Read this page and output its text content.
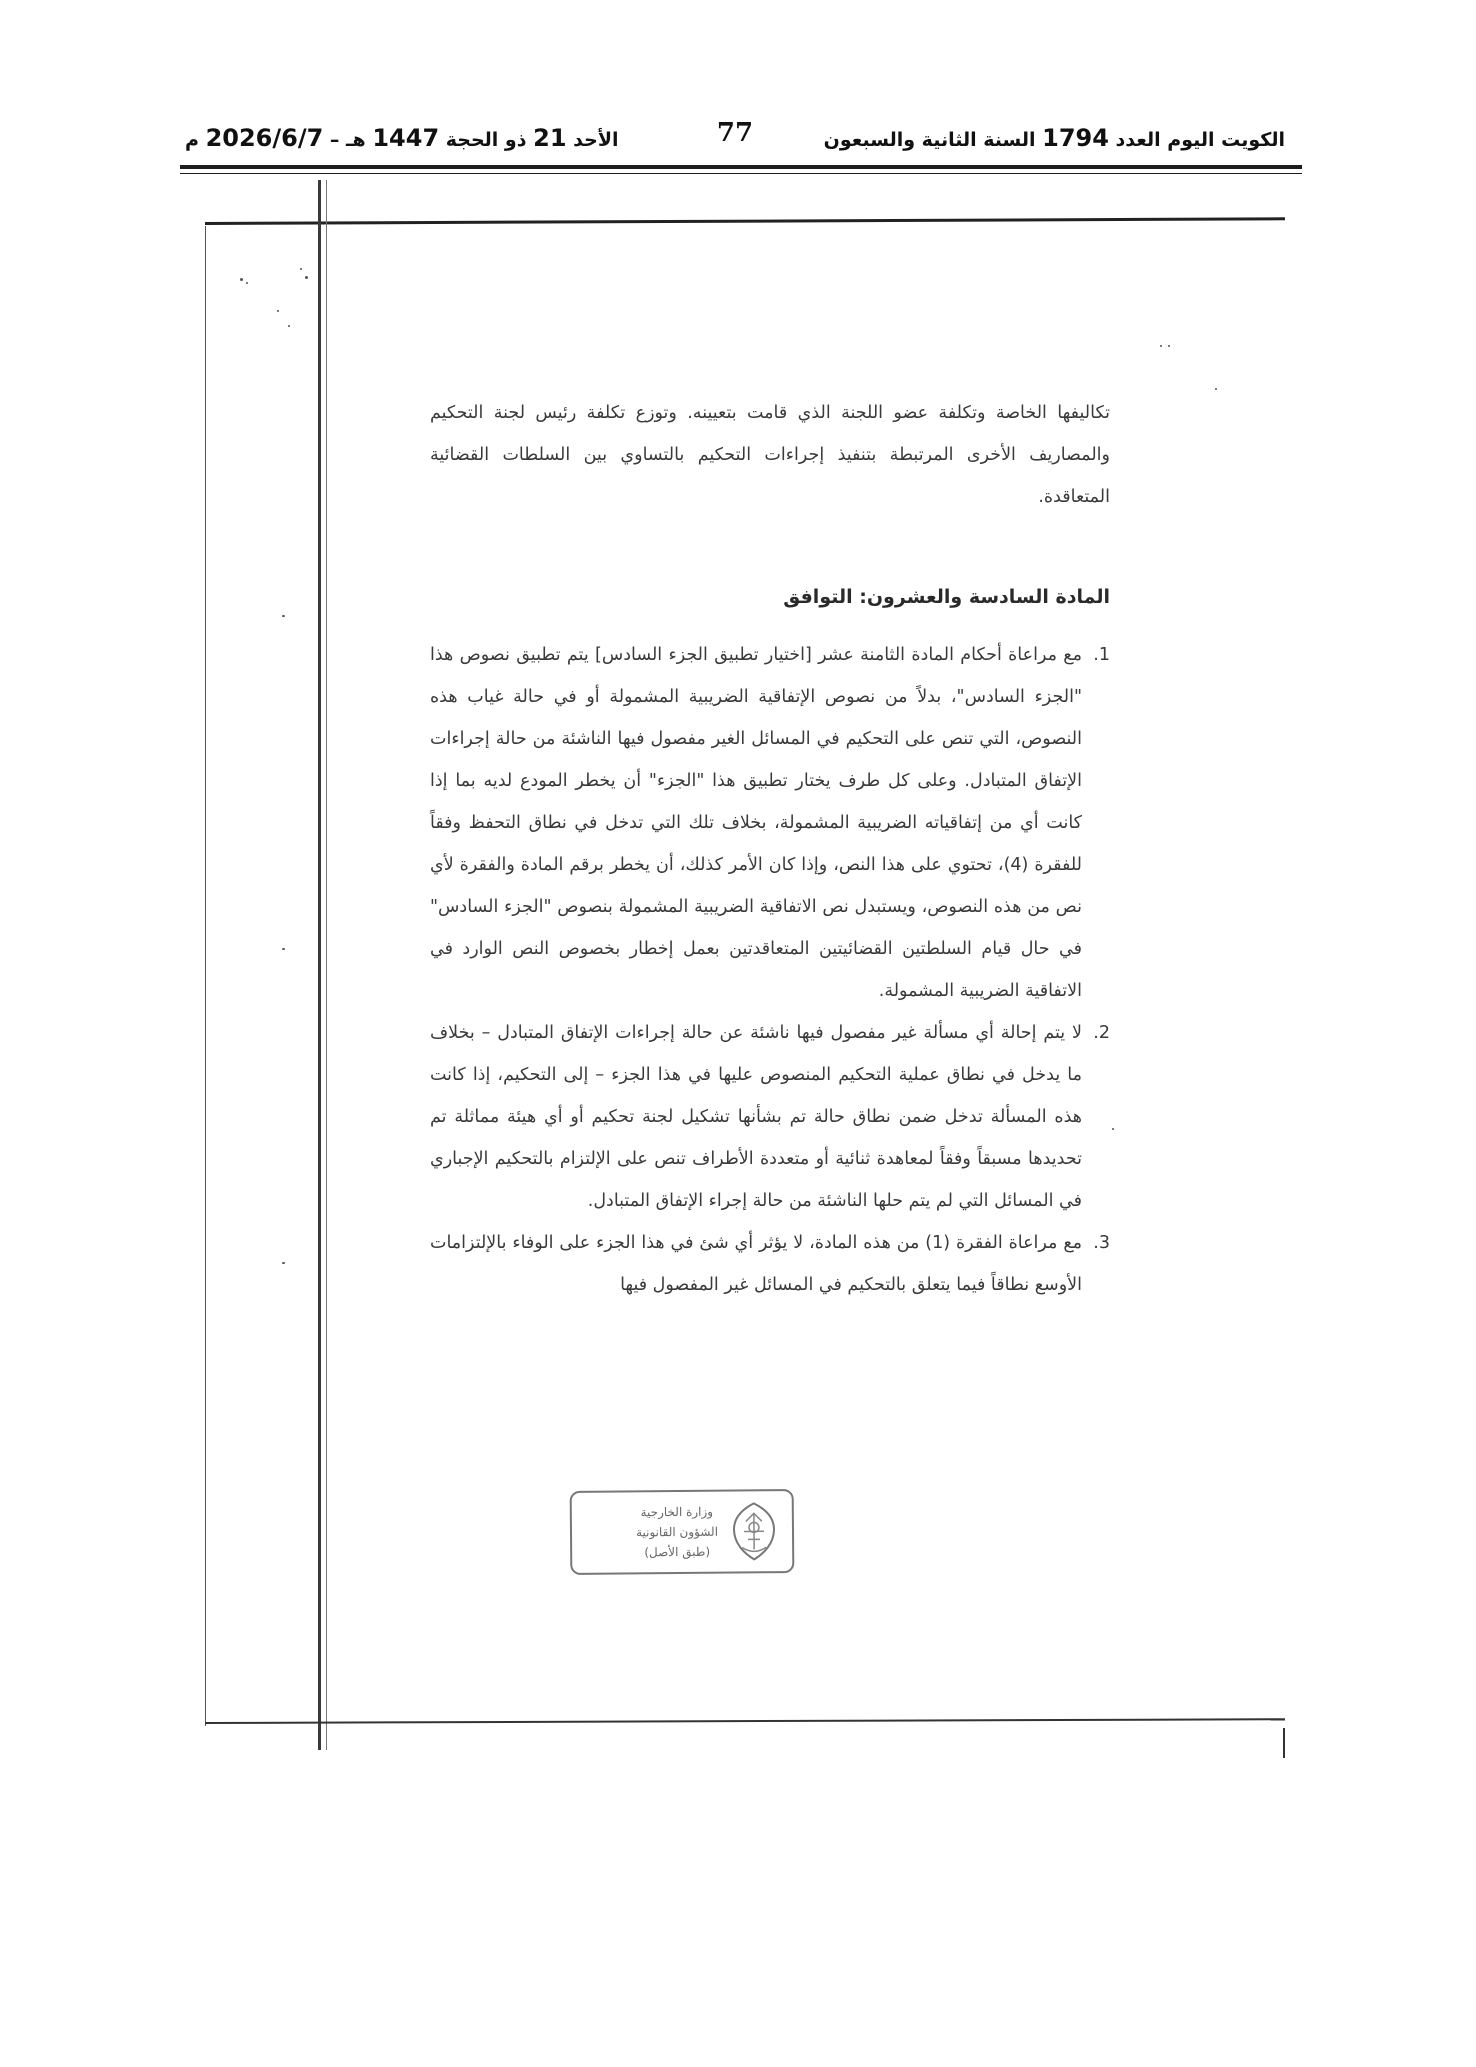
الكويت اليوم العدد 1794 السنة الثانية والسبعون
77
الأحد 21 ذو الحجة 1447 هـ – 2026/6/7 م

تكاليفها الخاصة وتكلفة عضو اللجنة الذي قامت بتعيينه. وتوزع تكلفة رئيس لجنة التحكيم والمصاريف الأخرى المرتبطة بتنفيذ إجراءات التحكيم بالتساوي بين السلطات القضائية المتعاقدة.

المادة السادسة والعشرون: التوافق

1.
مع مراعاة أحكام المادة الثامنة عشر [اختيار تطبيق الجزء السادس] يتم تطبيق نصوص هذا "الجزء السادس"، بدلاً من نصوص الإتفاقية الضريبية المشمولة أو في حالة غياب هذه النصوص، التي تنص على التحكيم في المسائل الغير مفصول فيها الناشئة من حالة إجراءات الإتفاق المتبادل. وعلى كل طرف يختار تطبيق هذا "الجزء" أن يخطر المودع لديه بما إذا كانت أي من إتفاقياته الضريبية المشمولة، بخلاف تلك التي تدخل في نطاق التحفظ وفقاً للفقرة (4)، تحتوي على هذا النص، وإذا كان الأمر كذلك، أن يخطر برقم المادة والفقرة لأي نص من هذه النصوص، ويستبدل نص الاتفاقية الضريبية المشمولة بنصوص "الجزء السادس" في حال قيام السلطتين القضائيتين المتعاقدتين بعمل إخطار بخصوص النص الوارد في الاتفاقية الضريبية المشمولة.

2.
لا يتم إحالة أي مسألة غير مفصول فيها ناشئة عن حالة إجراءات الإتفاق المتبادل – بخلاف ما يدخل في نطاق عملية التحكيم المنصوص عليها في هذا الجزء – إلى التحكيم، إذا كانت هذه المسألة تدخل ضمن نطاق حالة تم بشأنها تشكيل لجنة تحكيم أو أي هيئة مماثلة تم تحديدها مسبقاً وفقاً لمعاهدة ثنائية أو متعددة الأطراف تنص على الإلتزام بالتحكيم الإجباري في المسائل التي لم يتم حلها الناشئة من حالة إجراء الإتفاق المتبادل.

3.
مع مراعاة الفقرة (1) من هذه المادة، لا يؤثر أي شئ في هذا الجزء على الوفاء بالإلتزامات الأوسع نطاقاً فيما يتعلق بالتحكيم في المسائل غير المفصول فيها

وزارة الخارجية
الشؤون القانونية
(طبق الأصل)
